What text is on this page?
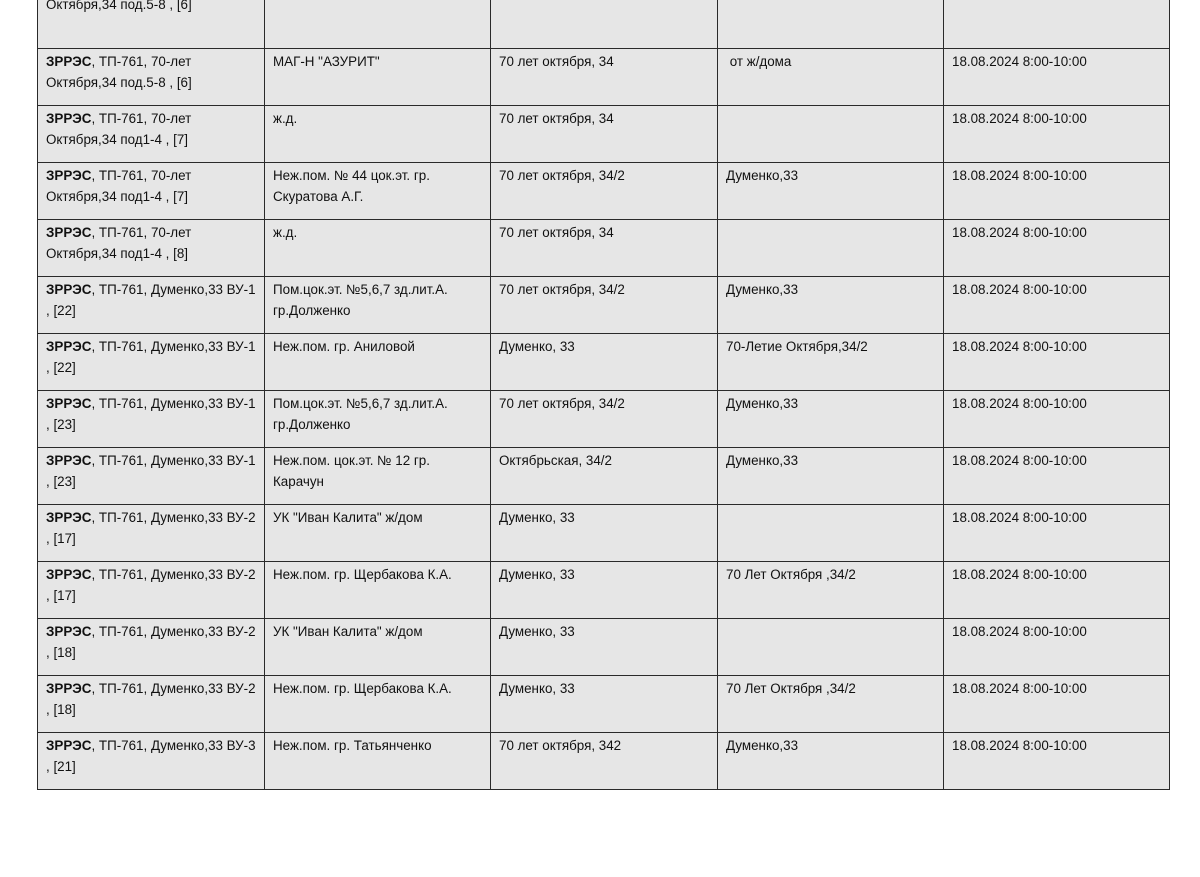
Октября,34 под.5-8 , [6]				
ЗРРЭС, ТП-761, 70-лет Октября,34 под.5-8 , [6]	МАГ-Н "АЗУРИТ"	70 лет октября, 34	от ж/дома	18.08.2024 8:00-10:00
ЗРРЭС, ТП-761, 70-лет Октября,34 под1-4 , [7]	ж.д.	70 лет октября, 34		18.08.2024 8:00-10:00
ЗРРЭС, ТП-761, 70-лет Октября,34 под1-4 , [7]	Неж.пом. № 44 цок.эт. гр. Скуратова А.Г.	70 лет октября, 34/2	Думенко,33	18.08.2024 8:00-10:00
ЗРРЭС, ТП-761, 70-лет Октября,34 под1-4 , [8]	ж.д.	70 лет октября, 34		18.08.2024 8:00-10:00
ЗРРЭС, ТП-761, Думенко,33 ВУ-1 , [22]	Пом.цок.эт. №5,6,7 зд.лит.А. гр.Долженко	70 лет октября, 34/2	Думенко,33	18.08.2024 8:00-10:00
ЗРРЭС, ТП-761, Думенко,33 ВУ-1 , [22]	Неж.пом. гр. Аниловой	Думенко, 33	70-Летие Октября,34/2	18.08.2024 8:00-10:00
ЗРРЭС, ТП-761, Думенко,33 ВУ-1 , [23]	Пом.цок.эт. №5,6,7 зд.лит.А. гр.Долженко	70 лет октября, 34/2	Думенко,33	18.08.2024 8:00-10:00
ЗРРЭС, ТП-761, Думенко,33 ВУ-1 , [23]	Неж.пом. цок.эт. № 12 гр. Карачун	Октябрьская, 34/2	Думенко,33	18.08.2024 8:00-10:00
ЗРРЭС, ТП-761, Думенко,33 ВУ-2 , [17]	УК "Иван Калита" ж/дом	Думенко, 33		18.08.2024 8:00-10:00
ЗРРЭС, ТП-761, Думенко,33 ВУ-2 , [17]	Неж.пом. гр. Щербакова К.А.	Думенко, 33	70 Лет Октября ,34/2	18.08.2024 8:00-10:00
ЗРРЭС, ТП-761, Думенко,33 ВУ-2 , [18]	УК "Иван Калита" ж/дом	Думенко, 33		18.08.2024 8:00-10:00
ЗРРЭС, ТП-761, Думенко,33 ВУ-2 , [18]	Неж.пом. гр. Щербакова К.А.	Думенко, 33	70 Лет Октября ,34/2	18.08.2024 8:00-10:00
ЗРРЭС, ТП-761, Думенко,33 ВУ-3 , [21]	Неж.пом. гр. Татьянченко	70 лет октября, 342	Думенко,33	18.08.2024 8:00-10:00
